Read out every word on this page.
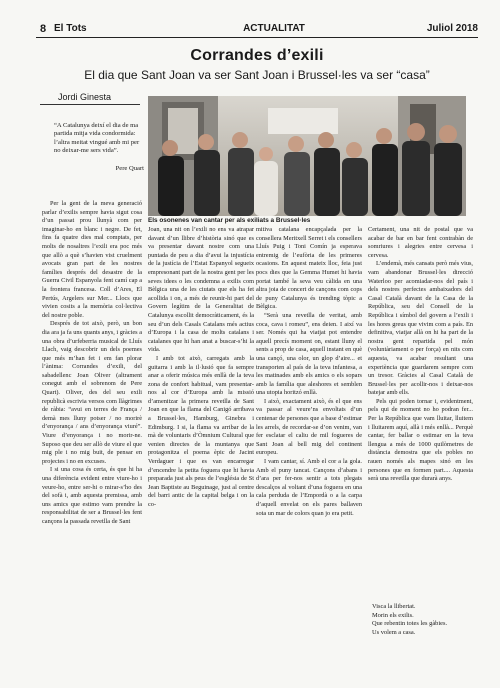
8 El Tots	ACTUALITAT	Juliol 2018
Corrandes d’exili
El dia que Sant Joan va ser Sant Joan i Brussel·les va ser “casa”
Jordi Ginesta
“A Catalunya deixí el dia de ma partida mitja vida condormida: l’altra meitat vingué amb mi per no deixar-me sers vida”.
Pere Quart
Els osonenes van cantar per als exiliats a Brussel·les

Per la gent de la meva generació parlar d’exilis sempre havia sigut cosa d’un passat prou llunyà com per imaginar-ho en blanc i negre. De fet, fins fa quatre dies mal comptats, per molts de nosaltres l’exili era poc més que allò a què s’havien vist cruelment avocats gran part de les nostres famílies després del desastre de la Guerra Civil Espanyola fent camí cap a la frontera francesa. Coll d’Ares, El Pertús, Argelers sur Mer... Llocs que vivien cosits a la memòria col·lectiva del nostre poble.

Després de tot això, però, un bon dia ara ja fa uns quants anys, i gràcies a una obra d’urfeberria musical de Lluís Llach, vaig descobrir un dels poemes que més m’han fet i em fan plorar l’ànima: Corrandes d’exili, del sabadellenc Joan Oliver (altrament conegut amb el sobrenom de Pere Quart). Oliver, des del seu exili republicà escrivia versos com llàgrimes de ràbia: “avui en terres de França / demà mes lluny potser / no morirè d’enyorança / ans d’enyorança viuré”. Viure d’enyorança i no morir-ne. Suposo que deu ser allò de viure el que mig ple i no mig buit, de pensar en projectes i no en excuses.

I si una cosa és certa, és que hi ha una diferència evident entre viure-ho i veure-ho, entre ser-hi o mirar-s’ho des del sofà i, amb aquesta premissa, amb uns amics que estimo vam prendre la responsabilitat de ser a Brussel·les fent cançons la passada revetlla de Sant

Joan, una nit on l’exili no ens va atrapar davant d’un llibre d’història sinó que es va presentar davant nostre com una puntada de peu a dia d’avui la injustícia de la justícia de l’Estat Espanyol segueix empresonant part de la nostra gent per les seves idees o les condemna a exilis com Bèlgica una de les ciutats que els ha fet acollida i on, a més de reunir-hi part del Govern legítim de la Generalitat de Catalunya escollit democràticament, és la seu d’un dels Casals Catalans més actius d’Europa i la casa de molts catalans i catalanes que hi han anat a buscar-s’hi la vida.

I amb tot això, carregats amb la guitarra i amb la il·lusió que fa sempre anar a oferir música més enllà de la teva zona de confort habitual, vam presentar-nos al cor d’Europa amb la missió d’amenitzar la primera revetlla de Sant Joan en que la flama del Canigó arribava a Brussel·les, Hamburg, Ginebra i Edimburg. I si, la flama va arribar de la mà de voluntaris d’Òmnium Cultural que venien directes de la muntanya que protagonitza el poema èpic de Jacint Verdaguer i que es van encarregar d’encendre la petita foguera que hi havia preparada just als peus de l’església de St Jean Baptiste au Beguinage, just al centre del barri antic de la capital belga i on la co-

mitiva catalana encapçalada per la consellera Meritxell Serret i els consellers Lluís Puig i Toni Comín ja esperava entremig de l’eufòria de les primeres ocasions. En aquest mateix lloc, feia just pocs dies que la Gemma Humet hi havia portat també la seva veu càlida en una altra joia de concert de cançons com cops de puny Catalunya és trending tòpic a Bèlgica.

“Serà una revetlla de veritat, amb coca, cava i romeu”, ens deien. I així va ser. Només qui ha viatjat pot entendre aquell precís moment on, estant lluny el sents a prop de casa, aquell instant en què una cançó, una olor, un glop d’aire... et transporten al país de la teva infantesa, a les matinades amb els amics o els sopars amb la família que aleshores et semblen una utopia horitzó enllà.

I això, exactament això, és el que ens va passar al veure’ns envoltats d’un centenar de persones que a base d’estimar les arrels, de recordar-se d’on venim, van fer esclatar el caliu de mil fogueres de Sant Joan al bell mig del continent europeu.

I vam cantar, sí. Amb el cor a la gola. Amb el puny tancat. Cançons d’abans i d’ara per fer-nos sentir a tots plegats descalços al voltant d’una foguera en una cala perduda de l’Empordà o a la carpa d’aquell envelat on els pares ballaven sota un mar de colors quan jo era petit.

Certament, una nit de postal que va acabar de bar en bar fent contrabàn de somriures i alegries entre cervesa i cervesa.

L’endemà, més cansats però més vius, vam abandonar Brussel·les direcció Waterloo per acomiadar-nos del país i dels nostres perfectes ambaixadors del Casal Català davant de la Casa de la República, seu del Consell de la República i símbol del govern a l’exili i les hores greus que vivim com a país. En definitiva, viatjar allà on hi ha part de la nostra gent repartida pel món (voluntàriament o per força) en nits com aquesta, va acabar resultant una experiència que guardarem sempre com un tresor. Gràcies al Casal Català de Brussel·les per acollir-nos i deixar-nos batejar amb ells.

Pels qui poden tornar i, evidentment, pels qui de moment no ho podran fer... Per la República que vam lluitar, lluitem i lluitarem aquí, allà i més enllà... Perquè cantar, fer ballar o estimar en la teva llengua a més de 1000 quilòmetres de distància demostra que els pobles no rauen només als mapes sinó en les persones que en formen part.... Aquesta serà una revetlla que durarà anys.

Visca la llibertat.
Morin els exilis.
Que rebentin totes les gàbies.
Us volem a casa.
